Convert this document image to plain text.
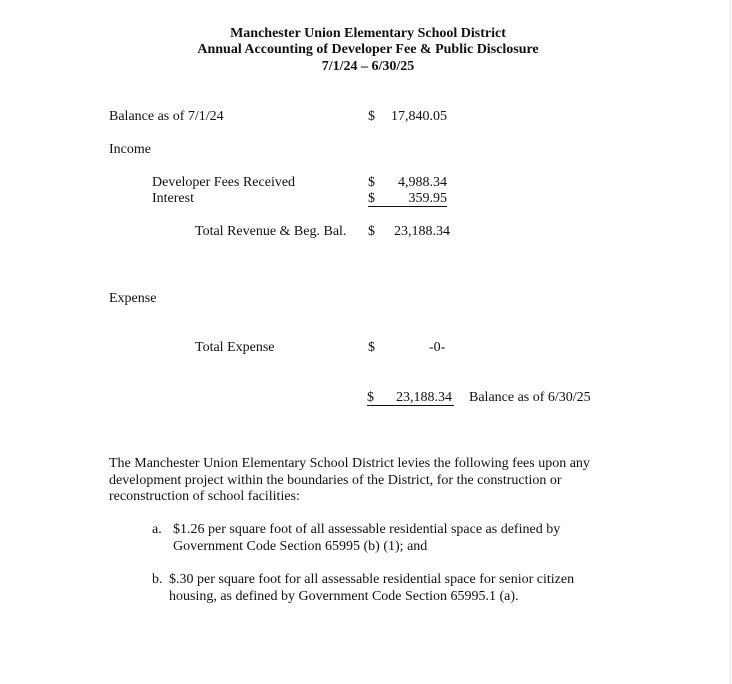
Manchester Union Elementary School District
Annual Accounting of Developer Fee & Public Disclosure
7/1/24 – 6/30/25
Balance as of 7/1/24	$	17,840.05
Income
Developer Fees Received	$	4,988.34
Interest	$	359.95
Total Revenue & Beg. Bal. $	23,188.34
Expense
Total Expense	$	-0-
$ 23,188.34 Balance as of 6/30/25
The Manchester Union Elementary School District levies the following fees upon any development project within the boundaries of the District, for the construction or reconstruction of school facilities:
a. $1.26 per square foot of all assessable residential space as defined by Government Code Section 65995 (b) (1); and
b. $.30 per square foot for all assessable residential space for senior citizen housing, as defined by Government Code Section 65995.1 (a).
